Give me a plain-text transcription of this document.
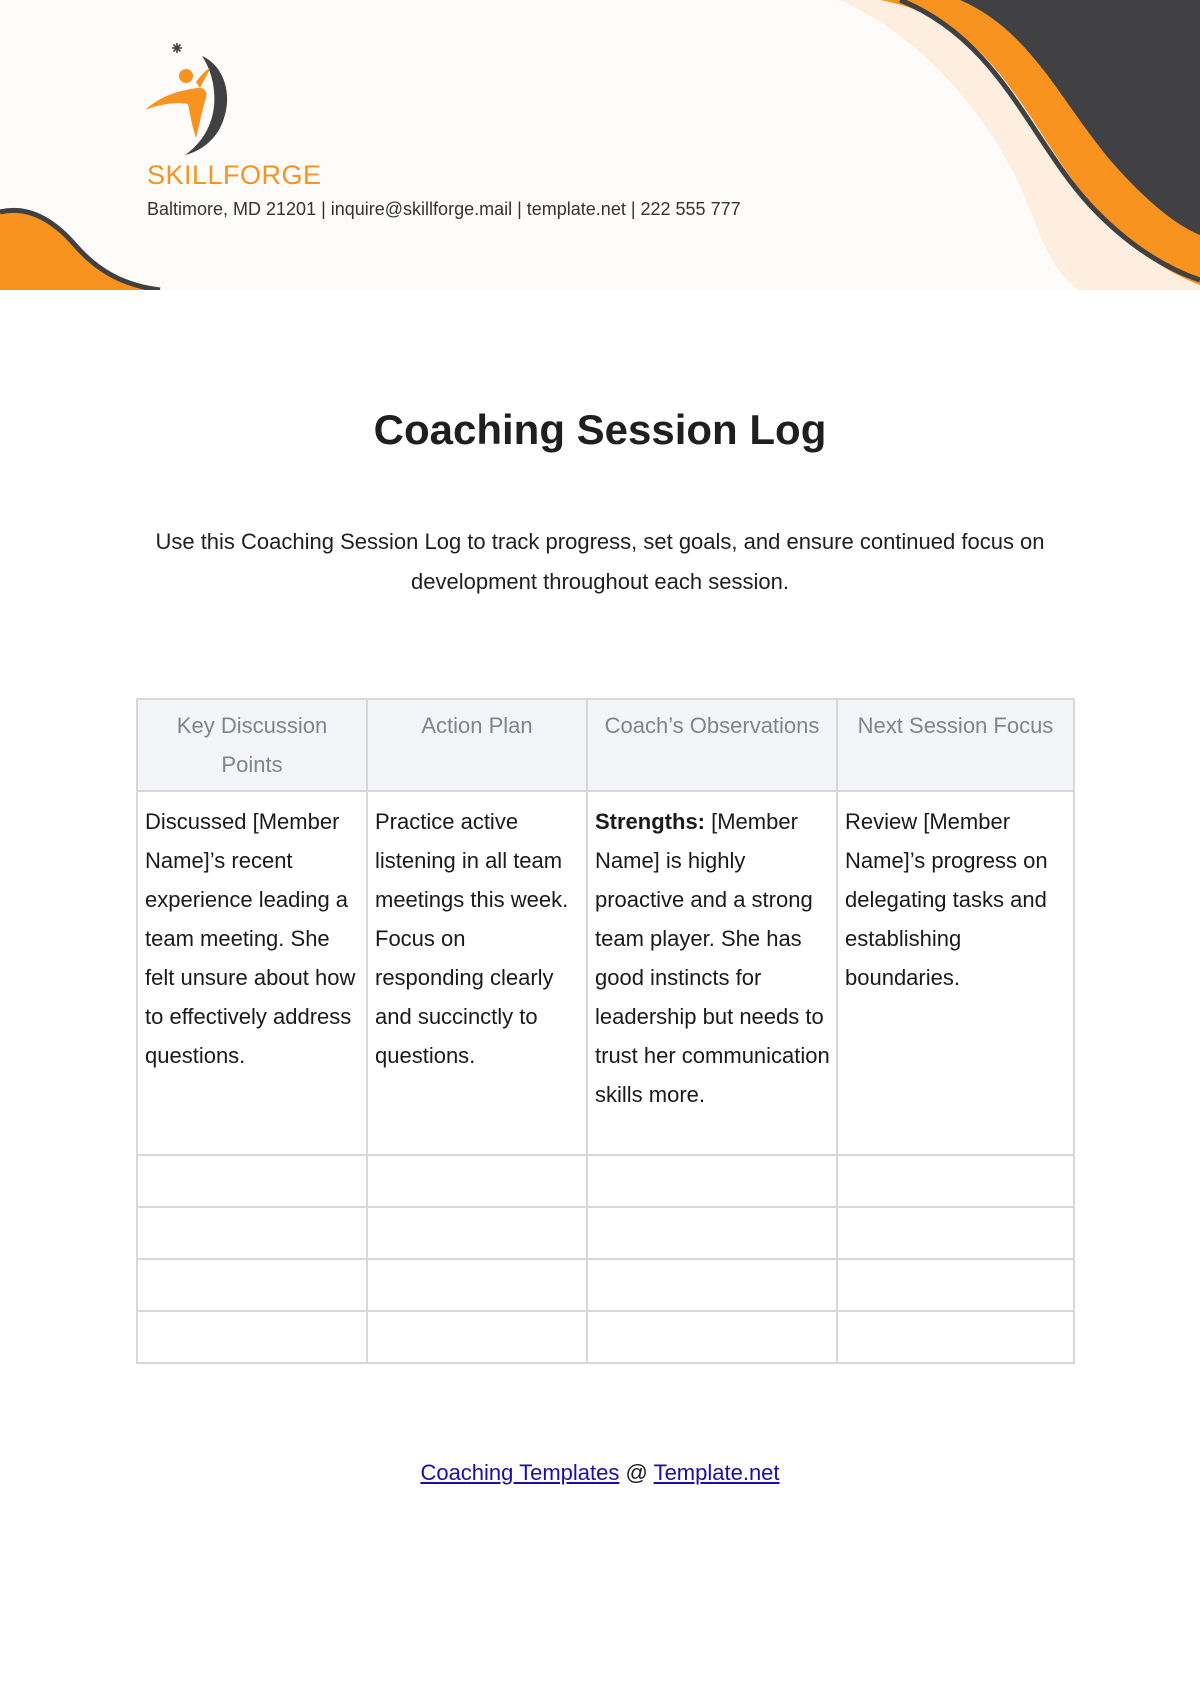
SKILLFORGE
Baltimore, MD 21201 | inquire@skillforge.mail | template.net | 222 555 777
Coaching Session Log
Use this Coaching Session Log to track progress, set goals, and ensure continued focus on development throughout each session.
Key Discussion Points	Action Plan	Coach’s Observations	Next Session Focus
Discussed [Member Name]’s recent experience leading a team meeting. She felt unsure about how to effectively address questions.	Practice active listening in all team meetings this week. Focus on responding clearly and succinctly to questions.	Strengths: [Member Name] is highly proactive and a strong team player. She has good instincts for leadership but needs to trust her communication skills more.	Review [Member Name]’s progress on delegating tasks and establishing boundaries.

Coaching Templates @ Template.net
